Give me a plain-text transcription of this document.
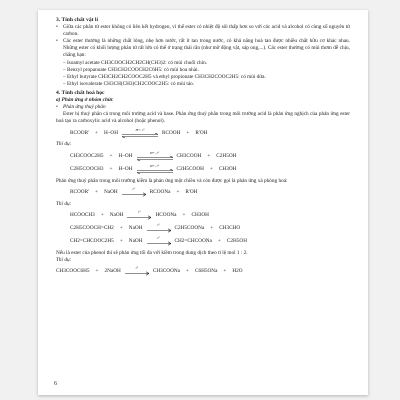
3. Tính chất vật lí
• Giữa các phân tử ester không có liên kết hydrogen, vì thế ester có nhiệt độ sôi thấp hơn so với các acid và alcohol có cùng số nguyên tử carbon.
• Các ester thường là những chất lỏng, nhẹ hơn nước, rất ít tan trong nước, có khả năng hoà tan được nhiều chất hữu cơ khác nhau. Những ester có khối lượng phân tử rất lớn có thể ở trạng thái rắn (như mỡ động vật, sáp ong,...). Các ester thường có mùi thơm dễ chịu, chẳng hạn:
– Isoamyl acetate CH3COOCH2CH2CH(CH3)2: có mùi chuối chín.
– Benzyl propanoate CH3CH2COOCH2C6H5: có mùi hoa nhài.
– Ethyl butyrate CH3CH2CH2COOC2H5 và ethyl propionate CH3CH2COOC2H5: có mùi dứa.
– Ethyl isovalerate CH3CH(CH3)CH2COOC2H5: có mùi táo.
4. Tính chất hoá học
a) Phản ứng ở nhóm chức
• Phản ứng thuỷ phân
Ester bị thuỷ phân cả trong môi trường acid và base. Phản ứng thuỷ phân trong môi trường acid là phản ứng nghịch của phản ứng ester hoá tạo ra carboxylic acid và alcohol (hoặc phenol).
RCOOR' + H–OH	H+, t°	RCOOH + R'OH
Thí dụ:
CH3COOC2H5 + H–OH	H+, t°	CH3COOH + C2H5OH
C2H5COOCH3 + H–OH	H+, t°	C2H5COOH + CH3OH
Phản ứng thuỷ phân trong môi trường kiềm là phản ứng một chiều và còn được gọi là phản ứng xà phòng hoá:
RCOOR' + NaOH	t°	RCOONa + R'OH
Thí dụ:
HCOOCH3 + NaOH	t°	HCOONa + CH3OH
C2H5COOCH=CH2 + NaOH	t°	C2H5COONa + CH3CHO
CH2=CHCOOC2H5 + NaOH	t°	CH2=CHCOONa + C2H5OH
Nếu là ester của phenol thì sẽ phản ứng tối đa với kiềm trong dung dịch theo tỉ lệ mol 1 : 2.
Thí dụ:
CH3COOC6H5 + 2NaOH	t°	CH3COONa + C6H5ONa + H2O
6
